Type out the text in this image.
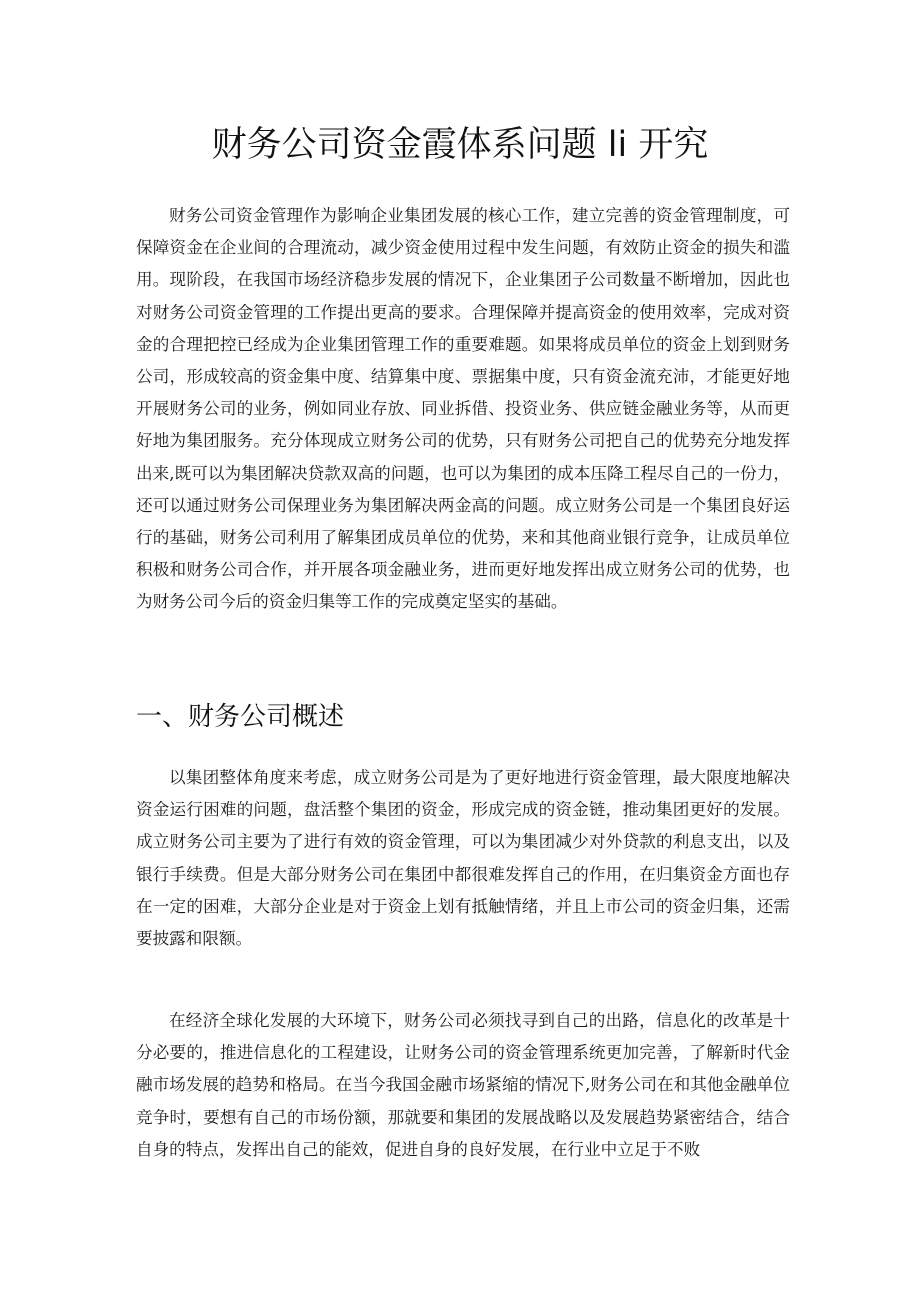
财务公司资金霞体系问题 li 开究

财务公司资金管理作为影响企业集团发展的核心工作，建立完善的资金管理制度，可保障资金在企业间的合理流动，减少资金使用过程中发生问题，有效防止资金的损失和滥用。现阶段，在我国市场经济稳步发展的情况下，企业集团子公司数量不断增加，因此也对财务公司资金管理的工作提出更高的要求。合理保障并提高资金的使用效率，完成对资金的合理把控已经成为企业集团管理工作的重要难题。如果将成员单位的资金上划到财务公司，形成较高的资金集中度、结算集中度、票据集中度，只有资金流充沛，才能更好地开展财务公司的业务，例如同业存放、同业拆借、投资业务、供应链金融业务等，从而更好地为集团服务。充分体现成立财务公司的优势，只有财务公司把自己的优势充分地发挥出来,既可以为集团解决贷款双高的问题，也可以为集团的成本压降工程尽自己的一份力，还可以通过财务公司保理业务为集团解决两金高的问题。成立财务公司是一个集团良好运行的基础，财务公司利用了解集团成员单位的优势，来和其他商业银行竞争，让成员单位积极和财务公司合作，并开展各项金融业务，进而更好地发挥出成立财务公司的优势，也为财务公司今后的资金归集等工作的完成奠定坚实的基础。

一、财务公司概述

以集团整体角度来考虑，成立财务公司是为了更好地进行资金管理，最大限度地解决资金运行困难的问题，盘活整个集团的资金，形成完成的资金链，推动集团更好的发展。成立财务公司主要为了进行有效的资金管理，可以为集团减少对外贷款的利息支出，以及银行手续费。但是大部分财务公司在集团中都很难发挥自己的作用，在归集资金方面也存在一定的困难，大部分企业是对于资金上划有抵触情绪，并且上市公司的资金归集，还需要披露和限额。

在经济全球化发展的大环境下，财务公司必须找寻到自己的出路，信息化的改革是十分必要的，推进信息化的工程建设，让财务公司的资金管理系统更加完善，了解新时代金融市场发展的趋势和格局。在当今我国金融市场紧缩的情况下,财务公司在和其他金融单位竞争时，要想有自己的市场份额，那就要和集团的发展战略以及发展趋势紧密结合，结合自身的特点，发挥出自己的能效，促进自身的良好发展，在行业中立足于不败
